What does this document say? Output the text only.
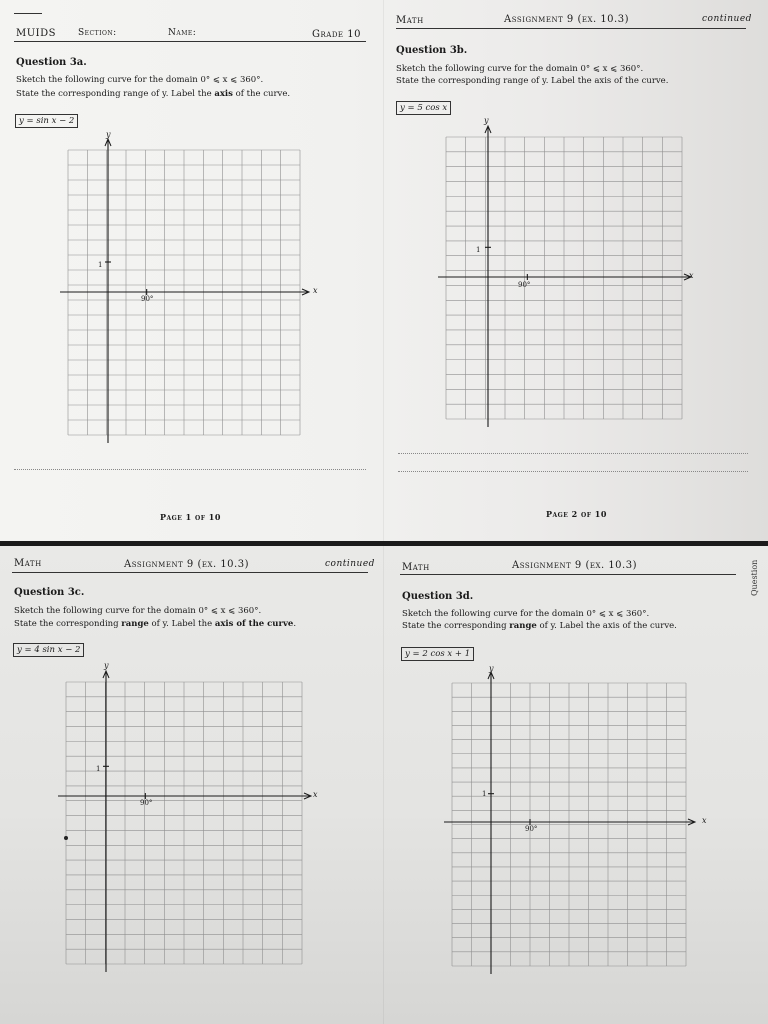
MUIDS Section:	Name:	Grade 10
Question 3a.
Sketch the following curve for the domain 0° ⩽ x ⩽ 360°.
State the corresponding range of y. Label the axis of the curve.
y = sin x − 2
y
x
1
90°
Page 1 of 10
Math	Assignment 9 (ex. 10.3)	continued
Question 3b.
Sketch the following curve for the domain 0° ⩽ x ⩽ 360°.
State the corresponding range of y. Label the axis of the curve.
y = 5 cos x
y
x
1
90°
Page 2 of 10
Math	Assignment 9 (ex. 10.3)	continued
Question 3c.
Sketch the following curve for the domain 0° ⩽ x ⩽ 360°.
State the corresponding range of y. Label the axis of the curve.
y = 4 sin x − 2
y
x
1
90°
Math	Assignment 9 (ex. 10.3)
Question 3d.
Sketch the following curve for the domain 0° ⩽ x ⩽ 360°.
State the corresponding range of y. Label the axis of the curve.
y = 2 cos x + 1
y
x
1
90°
Question
